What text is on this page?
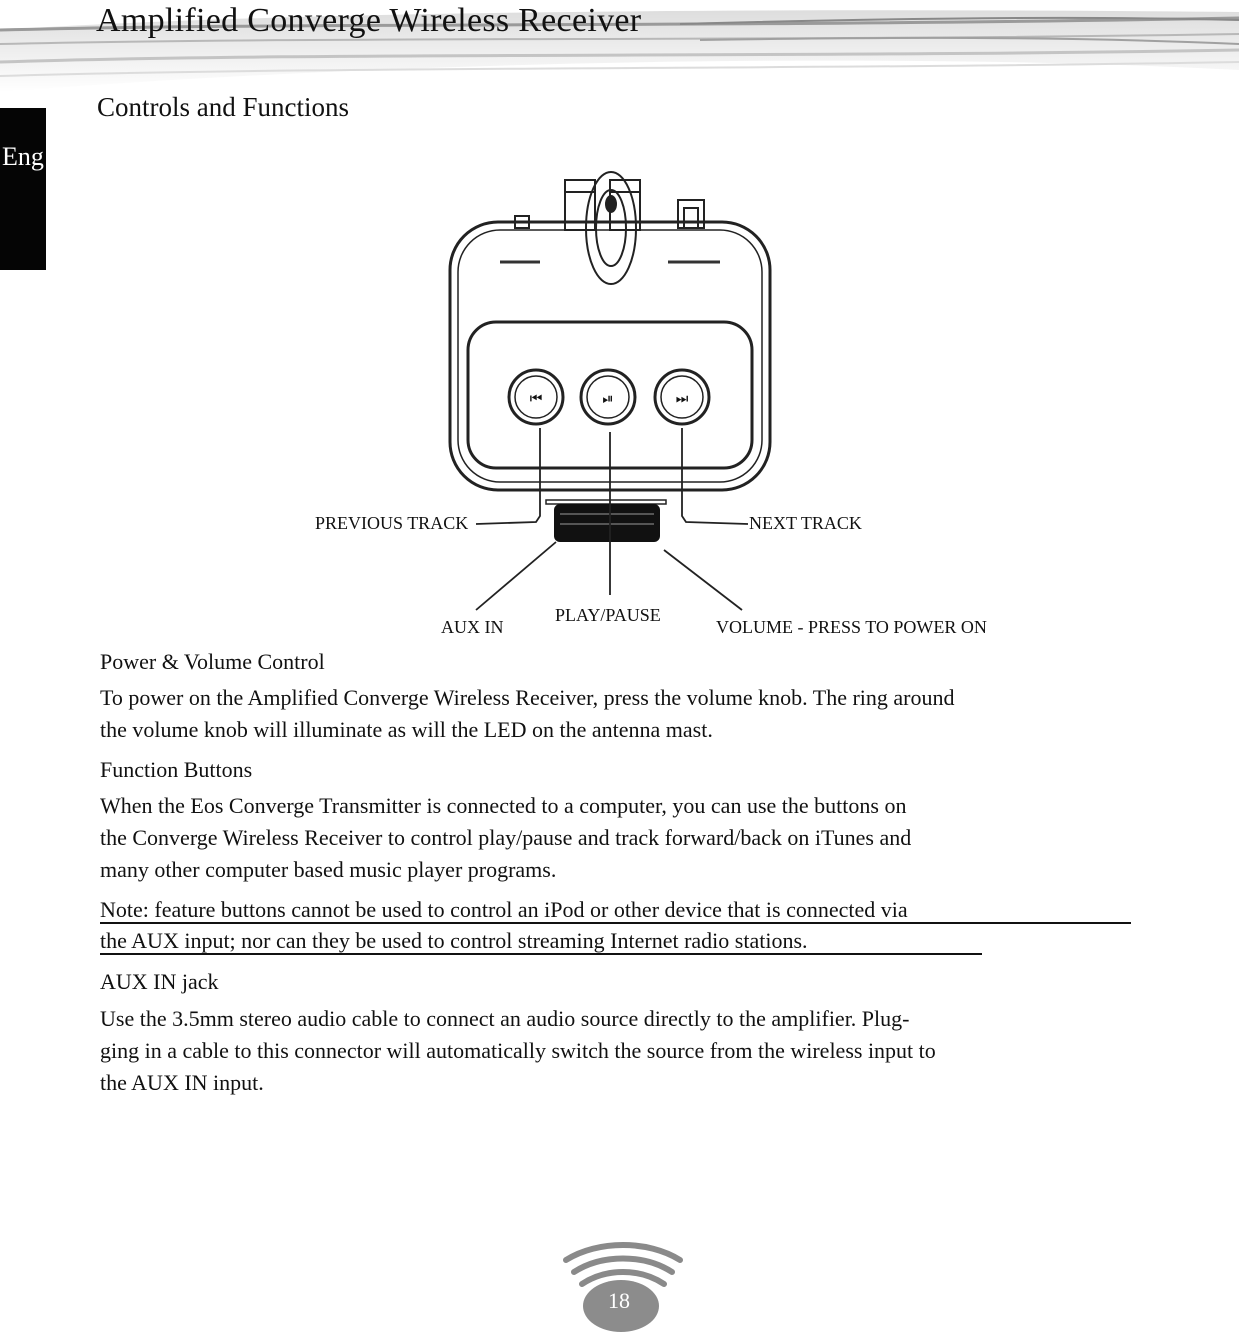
Amplified Converge Wireless Receiver
Eng
Controls and Functions
⏮	⏯	⏭
PREVIOUS TRACK	NEXT TRACK
AUX IN
PLAY/PAUSE
VOLUME - PRESS TO POWER ON
Power & Volume Control

To power on the Amplified Converge Wireless Receiver, press the volume knob. The ring around
the volume knob will illuminate as will the LED on the antenna mast.

Function Buttons

When the Eos Converge Transmitter is connected to a computer, you can use the buttons on
the Converge Wireless Receiver to control play/pause and track forward/back on iTunes and
many other computer based music player programs.

Note: feature buttons cannot be used to control an iPod or other device that is connected via
the AUX input; nor can they be used to control streaming Internet radio stations.

AUX IN jack

Use the 3.5mm stereo audio cable to connect an audio source directly to the amplifier. Plug-
ging in a cable to this connector will automatically switch the source from the wireless input to
the AUX IN input.

18
